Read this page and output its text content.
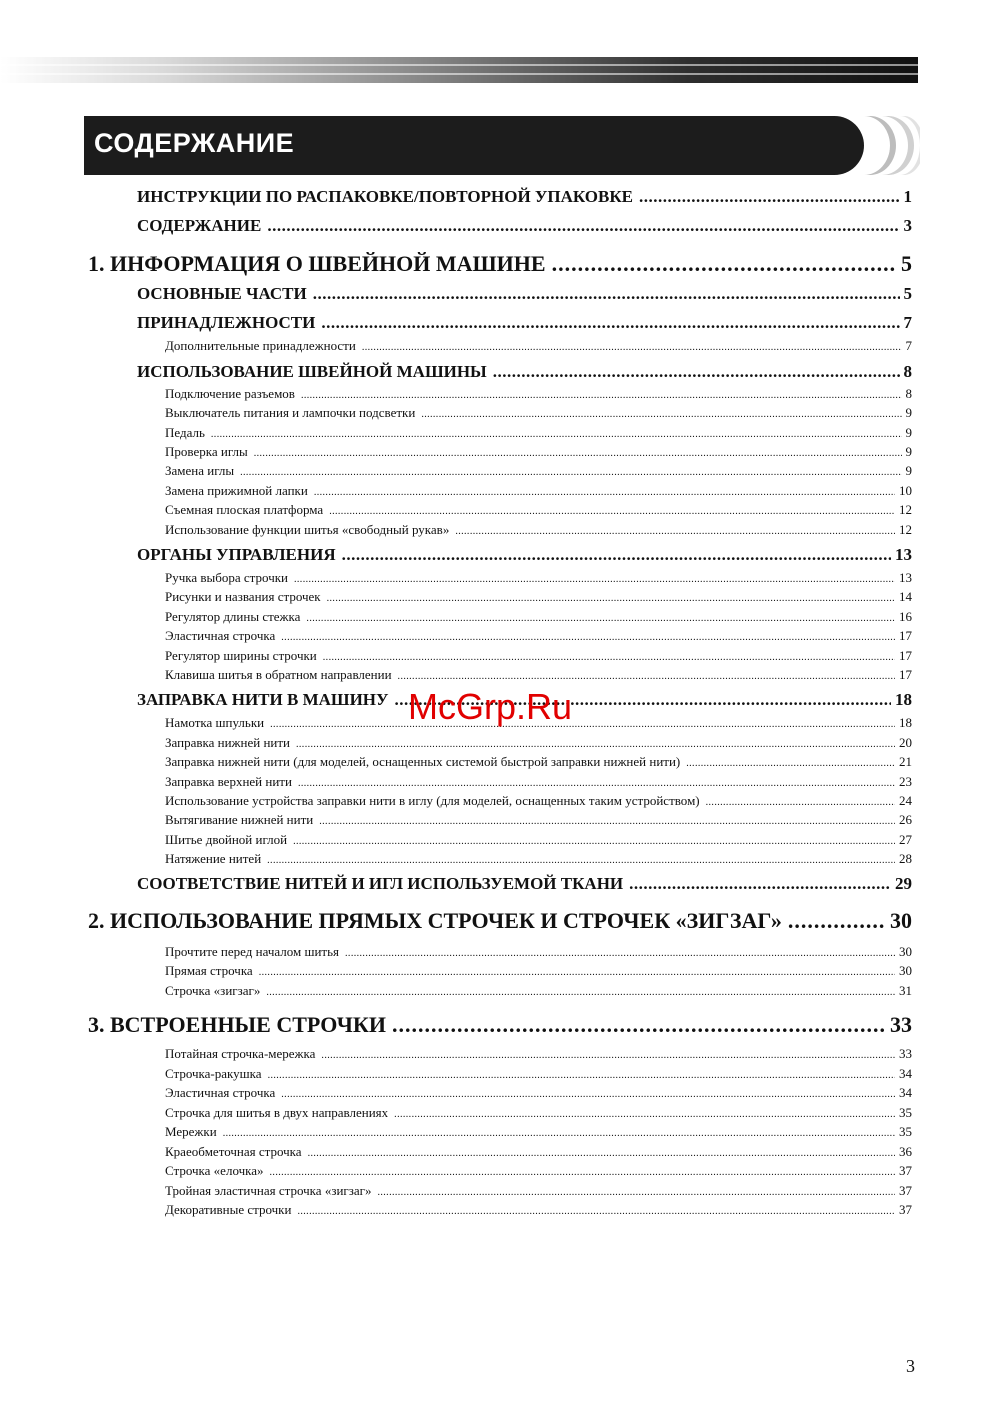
СОДЕРЖАНИЕ
ИНСТРУКЦИИ ПО РАСПАКОВКЕ/ПОВТОРНОЙ УПАКОВКЕ .....	1
СОДЕРЖАНИЕ .....	3
1. ИНФОРМАЦИЯ О ШВЕЙНОЙ МАШИНЕ .....	5
ОСНОВНЫЕ ЧАСТИ .....	5
ПРИНАДЛЕЖНОСТИ .....	7
Дополнительные принадлежности .....	7
ИСПОЛЬЗОВАНИЕ ШВЕЙНОЙ МАШИНЫ .....	8
Подключение разъемов .....	8
Выключатель питания и лампочки подсветки .....	9
Педаль .....	9
Проверка иглы .....	9
Замена иглы .....	9
Замена прижимной лапки .....	10
Съемная плоская платформа .....	12
Использование функции шитья «свободный рукав» .....	12
ОРГАНЫ УПРАВЛЕНИЯ .....	13
Ручка выбора строчки .....	13
Рисунки и названия строчек .....	14
Регулятор длины стежка .....	16
Эластичная строчка .....	17
Регулятор ширины строчки .....	17
Клавиша шитья в обратном направлении .....	17
ЗАПРАВКА НИТИ В МАШИНУ .....	18
Намотка шпульки .....	18
Заправка нижней нити .....	20
Заправка нижней нити (для моделей, оснащенных системой быстрой заправки нижней нити) .....	21
Заправка верхней нити .....	23
Использование устройства заправки нити в иглу (для моделей, оснащенных таким устройством) .....	24
Вытягивание нижней нити .....	26
Шитье двойной иглой .....	27
Натяжение нитей .....	28
СООТВЕТСТВИЕ НИТЕЙ И ИГЛ ИСПОЛЬЗУЕМОЙ ТКАНИ .....	29
2. ИСПОЛЬЗОВАНИЕ ПРЯМЫХ СТРОЧЕК И СТРОЧЕК «ЗИГЗАГ» .....	30
Прочтите перед началом шитья .....	30
Прямая строчка .....	30
Строчка «зигзаг» .....	31
3. ВСТРОЕННЫЕ СТРОЧКИ .....	33
Потайная строчка-мережка .....	33
Строчка-ракушка .....	34
Эластичная строчка .....	34
Строчка для шитья в двух направлениях .....	35
Мережки .....	35
Краеобметочная строчка .....	36
Строчка «елочка» .....	37
Тройная эластичная строчка «зигзаг» .....	37
Декоративные строчки .....	37
McGrp.Ru
3
